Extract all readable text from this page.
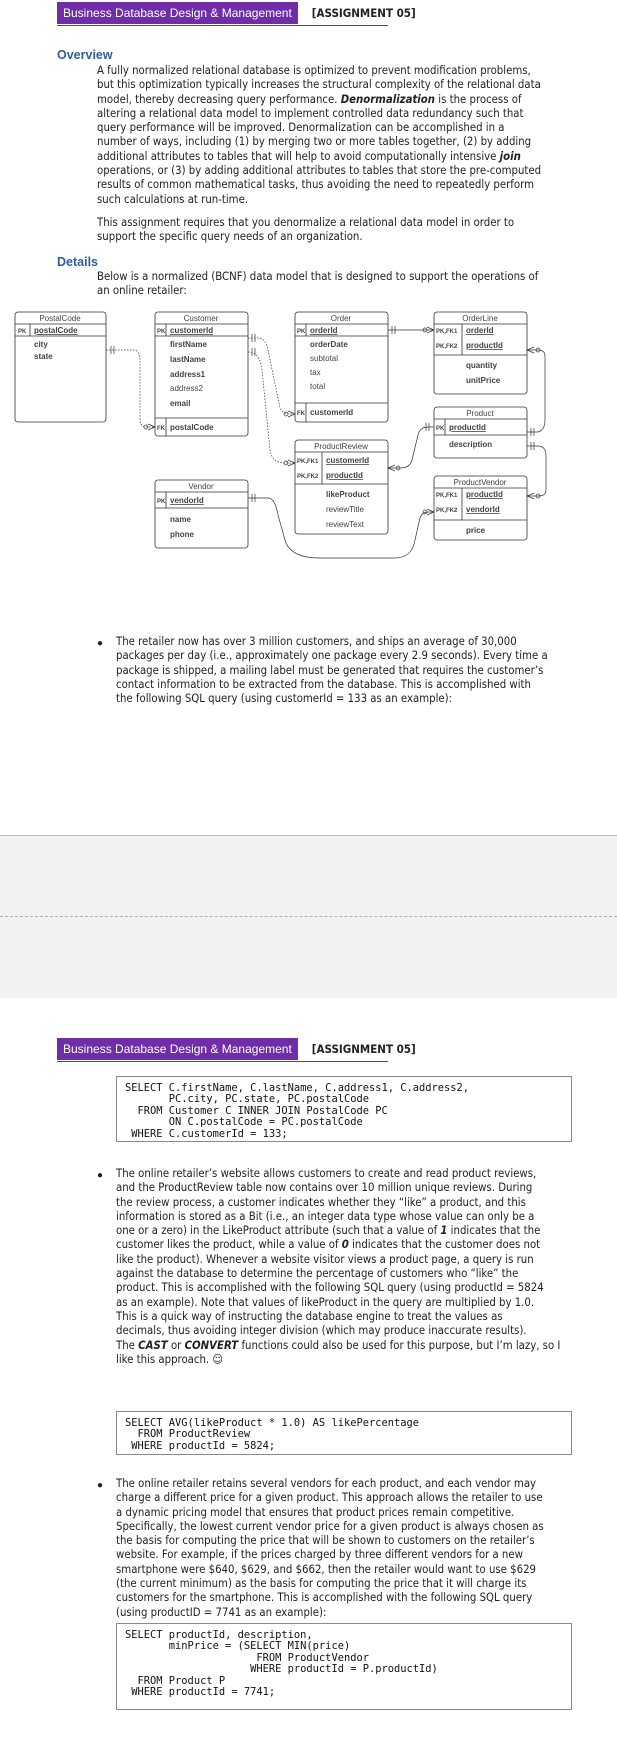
Business Database Design & Management	[ASSIGNMENT 05]
Overview
A fully normalized relational database is optimized to prevent modification problems,
but this optimization typically increases the structural complexity of the relational data
model, thereby decreasing query performance. Denormalization is the process of
altering a relational data model to implement controlled data redundancy such that
query performance will be improved. Denormalization can be accomplished in a
number of ways, including (1) by merging two or more tables together, (2) by adding
additional attributes to tables that will help to avoid computationally intensive join
operations, or (3) by adding additional attributes to tables that store the pre-computed
results of common mathematical tasks, thus avoiding the need to repeatedly perform
such calculations at run-time.
This assignment requires that you denormalize a relational data model in order to
support the specific query needs of an organization.
Details
Below is a normalized (BCNF) data model that is designed to support the operations of
an online retailer:
PostalCode
PK postalCode
city
state
Customer
PK customerId
firstName
lastName
address1
address2
email
FK postalCode
Order
PK orderId
orderDate
subtotal
tax
total
FK customerId
OrderLine
PK,FK1 orderId
PK,FK2 productId
quantity
unitPrice
Product
PK productId
description
ProductReview
PK,FK1 customerId
PK,FK2 productId
likeProduct
reviewTitle
reviewText
Vendor
PK vendorId
name
phone
ProductVendor
PK,FK1 productId
PK,FK2 vendorId
price
● The retailer now has over 3 million customers, and ships an average of 30,000
packages per day (i.e., approximately one package every 2.9 seconds). Every time a
package is shipped, a mailing label must be generated that requires the customer’s
contact information to be extracted from the database. This is accomplished with
the following SQL query (using customerId = 133 as an example):
Business Database Design & Management	[ASSIGNMENT 05]
SELECT C.firstName, C.lastName, C.address1, C.address2,
PC.city, PC.state, PC.postalCode
FROM Customer C INNER JOIN PostalCode PC
ON C.postalCode = PC.postalCode
WHERE C.customerId = 133;
● The online retailer’s website allows customers to create and read product reviews,
and the ProductReview table now contains over 10 million unique reviews. During
the review process, a customer indicates whether they “like” a product, and this
information is stored as a Bit (i.e., an integer data type whose value can only be a
one or a zero) in the LikeProduct attribute (such that a value of 1 indicates that the
customer likes the product, while a value of 0 indicates that the customer does not
like the product). Whenever a website visitor views a product page, a query is run
against the database to determine the percentage of customers who “like” the
product. This is accomplished with the following SQL query (using productId = 5824
as an example). Note that values of likeProduct in the query are multiplied by 1.0.
This is a quick way of instructing the database engine to treat the values as
decimals, thus avoiding integer division (which may produce inaccurate results).
The CAST or CONVERT functions could also be used for this purpose, but I’m lazy, so I
like this approach. ☺
SELECT AVG(likeProduct * 1.0) AS likePercentage
FROM ProductReview
WHERE productId = 5824;
● The online retailer retains several vendors for each product, and each vendor may
charge a different price for a given product. This approach allows the retailer to use
a dynamic pricing model that ensures that product prices remain competitive.
Specifically, the lowest current vendor price for a given product is always chosen as
the basis for computing the price that will be shown to customers on the retailer’s
website. For example, if the prices charged by three different vendors for a new
smartphone were $640, $629, and $662, then the retailer would want to use $629
(the current minimum) as the basis for computing the price that it will charge its
customers for the smartphone. This is accomplished with the following SQL query
(using productID = 7741 as an example):
SELECT productId, description,
minPrice = (SELECT MIN(price)
FROM ProductVendor
WHERE productId = P.productId)
FROM Product P
WHERE productId = 7741;
